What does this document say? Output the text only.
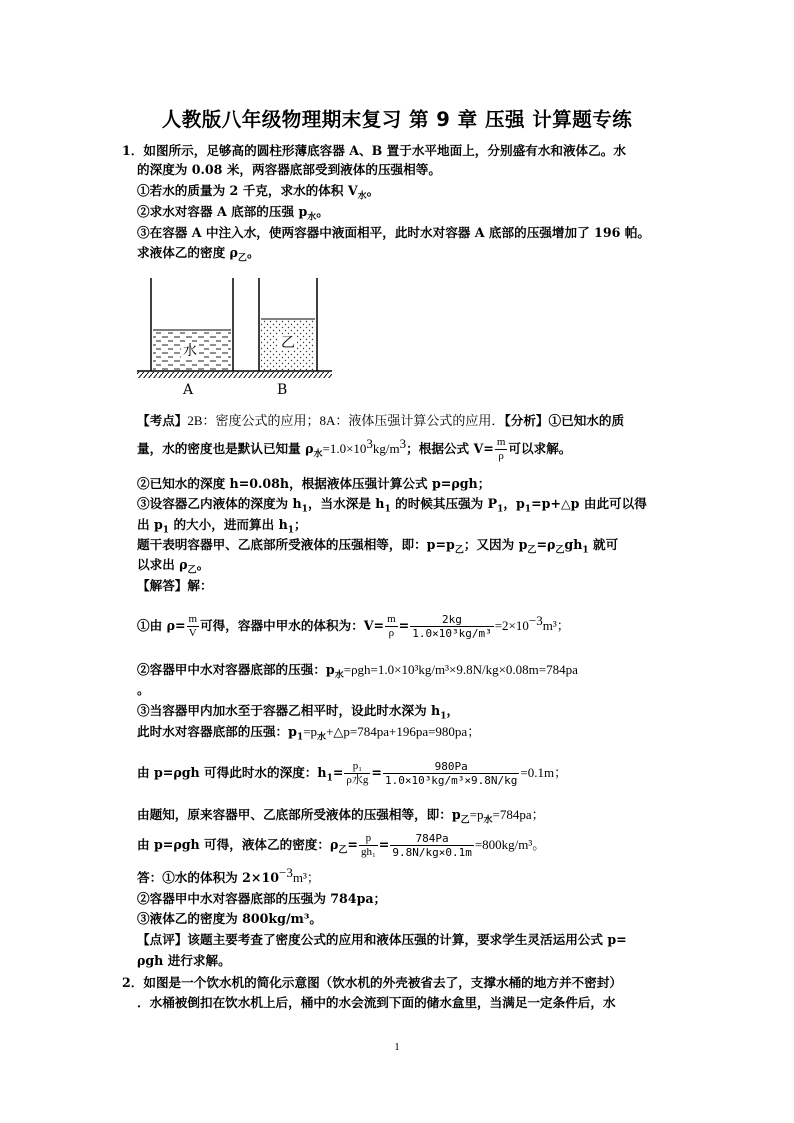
人教版八年级物理期末复习 第 9 章 压强 计算题专练
1．如图所示，足够高的圆柱形薄底容器 A、B 置于水平地面上，分别盛有水和液体乙。水
的深度为 0.08 米，两容器底部受到液体的压强相等。
①若水的质量为 2 千克，求水的体积 $V_水$。
②求水对容器 A 底部的压强 $p_水$。
③在容器 A 中注入水，使两容器中液面相平，此时水对容器 A 底部的压强增加了 196 帕。
求液体乙的密度 $\rho_乙$。
水	乙
A	B
【考点】2B：密度公式的应用；8A：液体压强计算公式的应用．【分析】①已知水的质
量，水的密度也是默认已知量 $\rho_水=1.0\times 10^3kg/m^3$；根据公式 $V= \frac{m}{\rho}$ 可以求解。
②已知水的深度 h=0.08h，根据液体压强计算公式 p=ρgh；
③设容器乙内液体的深度为 $h_1$，当水深是 $h_1$ 的时候其压强为 $P_1$，$p_1=p+\triangle p$ 由此可以得
出 $p_1$ 的大小，进而算出 $h_1$；
题干表明容器甲、乙底部所受液体的压强相等，即：$p=p_乙$；又因为 $p_乙=\rho_乙gh_1$ 就可
以求出 $\rho_乙$。
【解答】解：
①由 $\rho= \frac{m}{V}$ 可得，容器中甲水的体积为：$V= \frac{m}{\rho} = \frac{2kg}{\text{1.0×10³kg/m³}} =2\times 10^{-3}m^3$；
②容器甲中水对容器底部的压强：$p_水=\rho gh=1.0\times 10^3kg/m^3\times 9.8N/kg\times 0.08m=784pa$
。
③当容器甲内加水至于容器乙相平时，设此时水深为 $h_1$，
此时水对容器底部的压强：$p_1=p_水+\triangle p=784pa+196pa=980pa$；
由 p=ρgh 可得此时水的深度：$h_1= \frac{\text{p₁}}{\text{ρ水g}} = \frac{980Pa}{\text{1.0×10³kg/m³×9.8N/kg}} =0.1m$；
由题知，原来容器甲、乙底部所受液体的压强相等，即：$p_乙=p_水=784pa$；
由 p=ρgh 可得，液体乙的密度：$\rho_乙= \frac{p}{\text{gh₁}} = \frac{784Pa}{9.8N/kg\times 0.1m} =800kg/m^3$。
答：①水的体积为 $2\times 10^{-3}m^3$；
②容器甲中水对容器底部的压强为 784pa；
③液体乙的密度为 800kg/m³。
【点评】该题主要考查了密度公式的应用和液体压强的计算，要求学生灵活运用公式 p=
ρgh 进行求解。
2．如图是一个饮水机的简化示意图（饮水机的外壳被省去了，支撑水桶的地方并不密封）
．水桶被倒扣在饮水机上后，桶中的水会流到下面的储水盒里，当满足一定条件后，水
1
